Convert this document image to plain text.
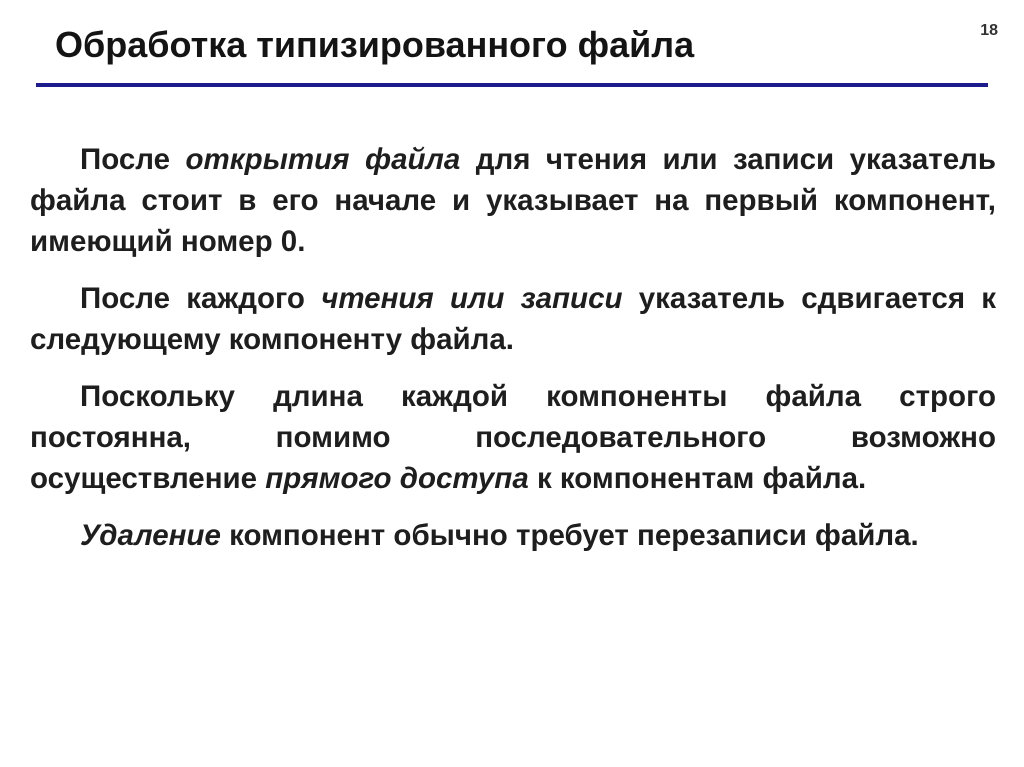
Обработка типизированного файла	18

После открытия файла для чтения или записи указатель файла стоит в его начале и указывает на первый компонент, имеющий номер 0.

После каждого чтения или записи указатель сдвигается к следующему компоненту файла.

Поскольку длина каждой компоненты файла строго постоянна, помимо последовательного возможно осуществление прямого доступа к компонентам файла.

Удаление компонент обычно требует перезаписи файла.
